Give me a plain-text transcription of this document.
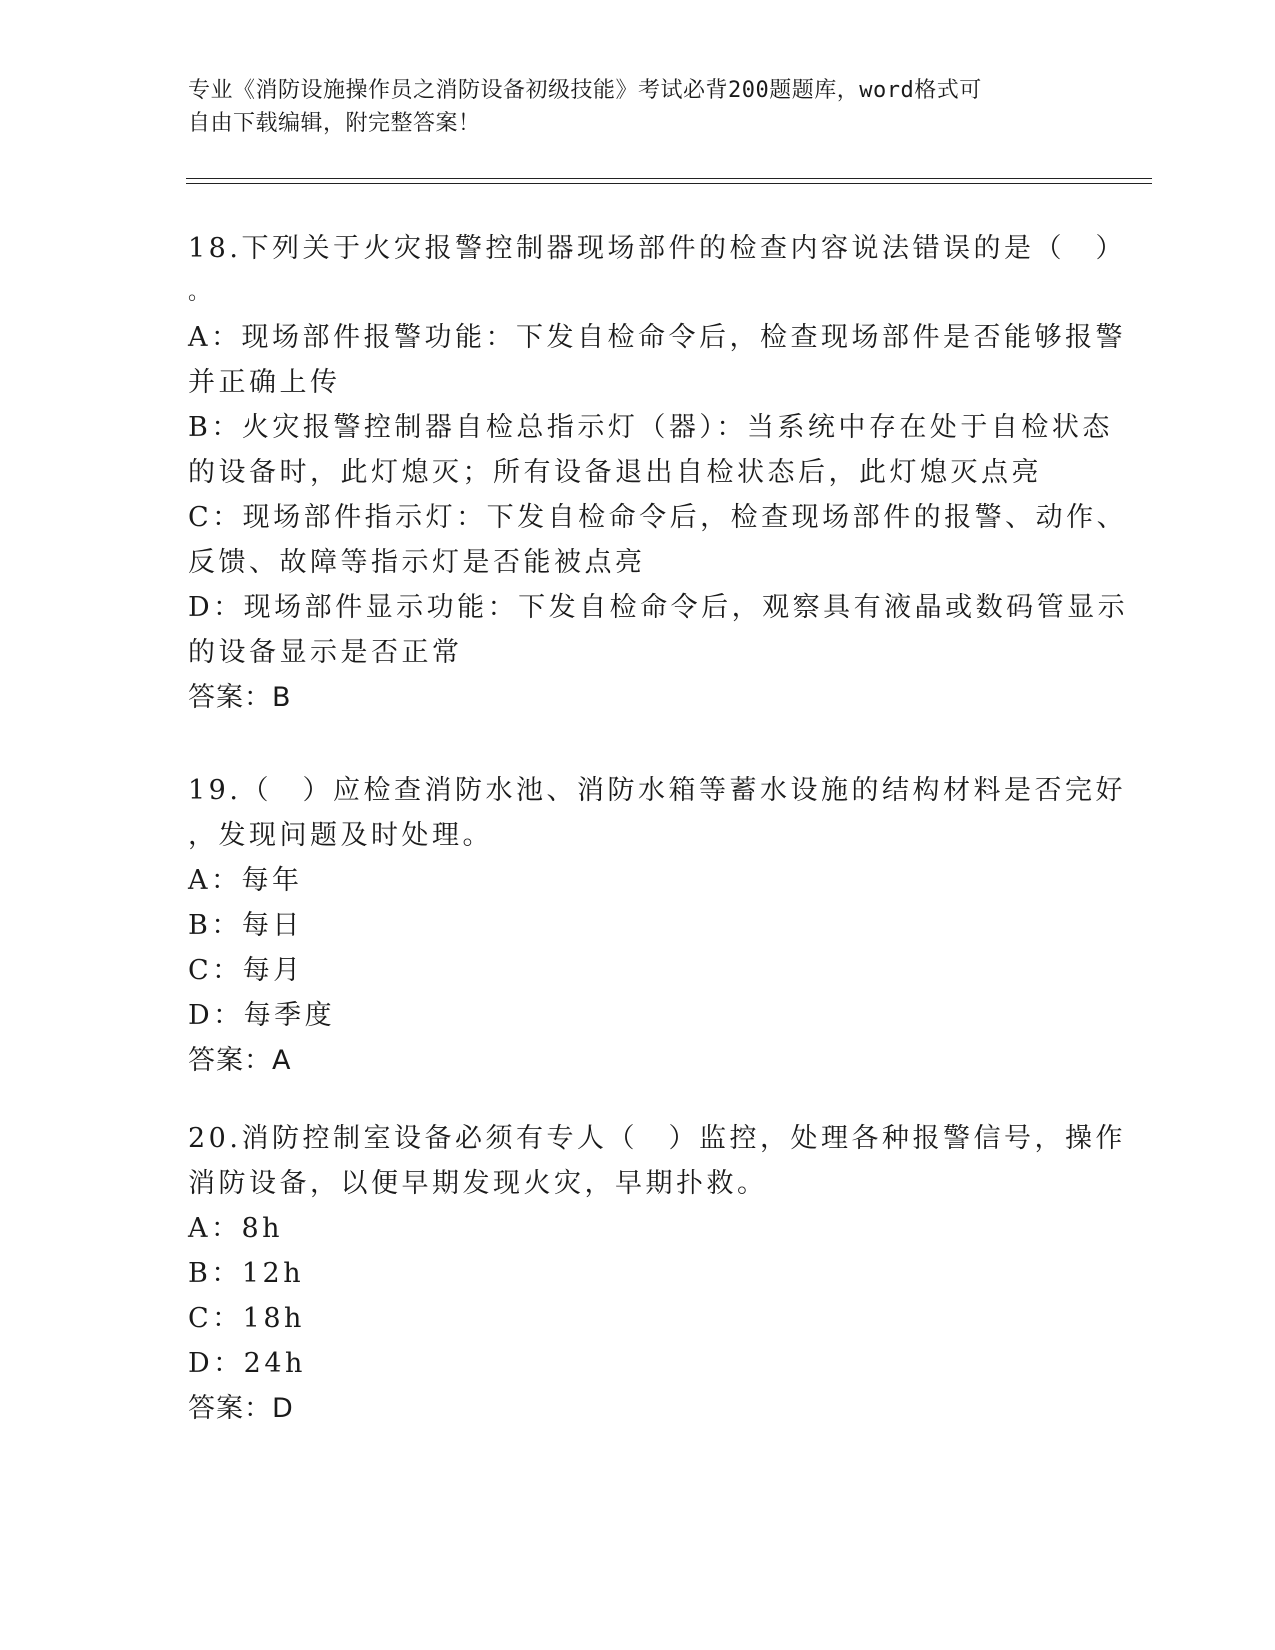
专业《消防设施操作员之消防设备初级技能》考试必背200题题库，word格式可
自由下载编辑，附完整答案！
18.下列关于火灾报警控制器现场部件的检查内容说法错误的是（　）
。
A：现场部件报警功能：下发自检命令后，检查现场部件是否能够报警
并正确上传
B：火灾报警控制器自检总指示灯（器）：当系统中存在处于自检状态
的设备时，此灯熄灭；所有设备退出自检状态后，此灯熄灭点亮
C：现场部件指示灯：下发自检命令后，检查现场部件的报警、动作、
反馈、故障等指示灯是否能被点亮
D：现场部件显示功能：下发自检命令后，观察具有液晶或数码管显示
的设备显示是否正常
答案：B
19.（　）应检查消防水池、消防水箱等蓄水设施的结构材料是否完好
，发现问题及时处理。
A：每年
B：每日
C：每月
D：每季度
答案：A
20.消防控制室设备必须有专人（　）监控，处理各种报警信号，操作
消防设备，以便早期发现火灾，早期扑救。
A：8h
B：12h
C：18h
D：24h
答案：D
